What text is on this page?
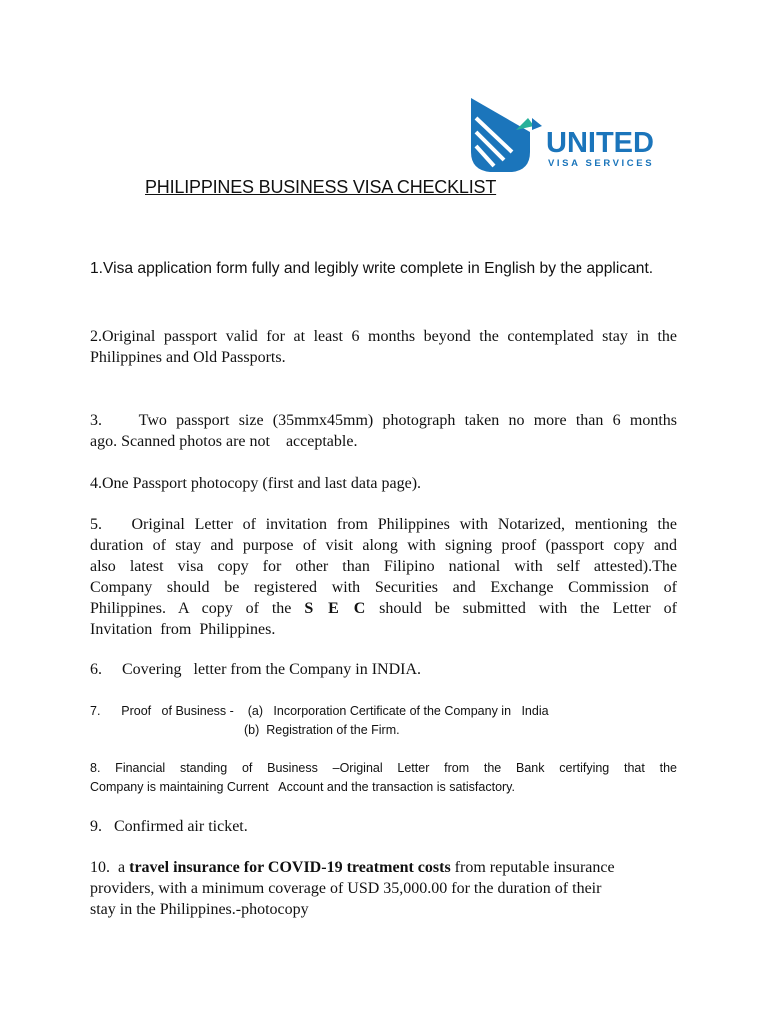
UNITED
VISA SERVICES
PHILIPPINES BUSINESS VISA CHECKLIST
1.Visa application form fully and legibly write complete in English by the applicant.
2.Original passport valid for at least 6 months beyond the contemplated stay in the
Philippines and Old Passports.
3.    Two passport size (35mmx45mm) photograph taken no more than 6 months
ago. Scanned photos are not    acceptable.
4.One Passport photocopy (first and last data page).
5.   Original Letter of invitation from Philippines with Notarized, mentioning the
duration of stay and purpose of visit along with signing proof (passport copy and
also latest visa copy for other than Filipino national with self attested).The
Company should be registered with Securities and Exchange Commission of
Philippines. A copy of the S E C should be submitted with the Letter of
Invitation  from  Philippines.
6.     Covering   letter from the Company in INDIA.
7.      Proof   of Business -    (a)   Incorporation Certificate of the Company in   India
(b)  Registration of the Firm.
8. Financial standing of Business –Original Letter from the Bank certifying that the
Company is maintaining Current   Account and the transaction is satisfactory.
9.   Confirmed air ticket.
10.  a travel insurance for COVID-19 treatment costs from reputable insurance
providers, with a minimum coverage of USD 35,000.00 for the duration of their
stay in the Philippines.-photocopy
